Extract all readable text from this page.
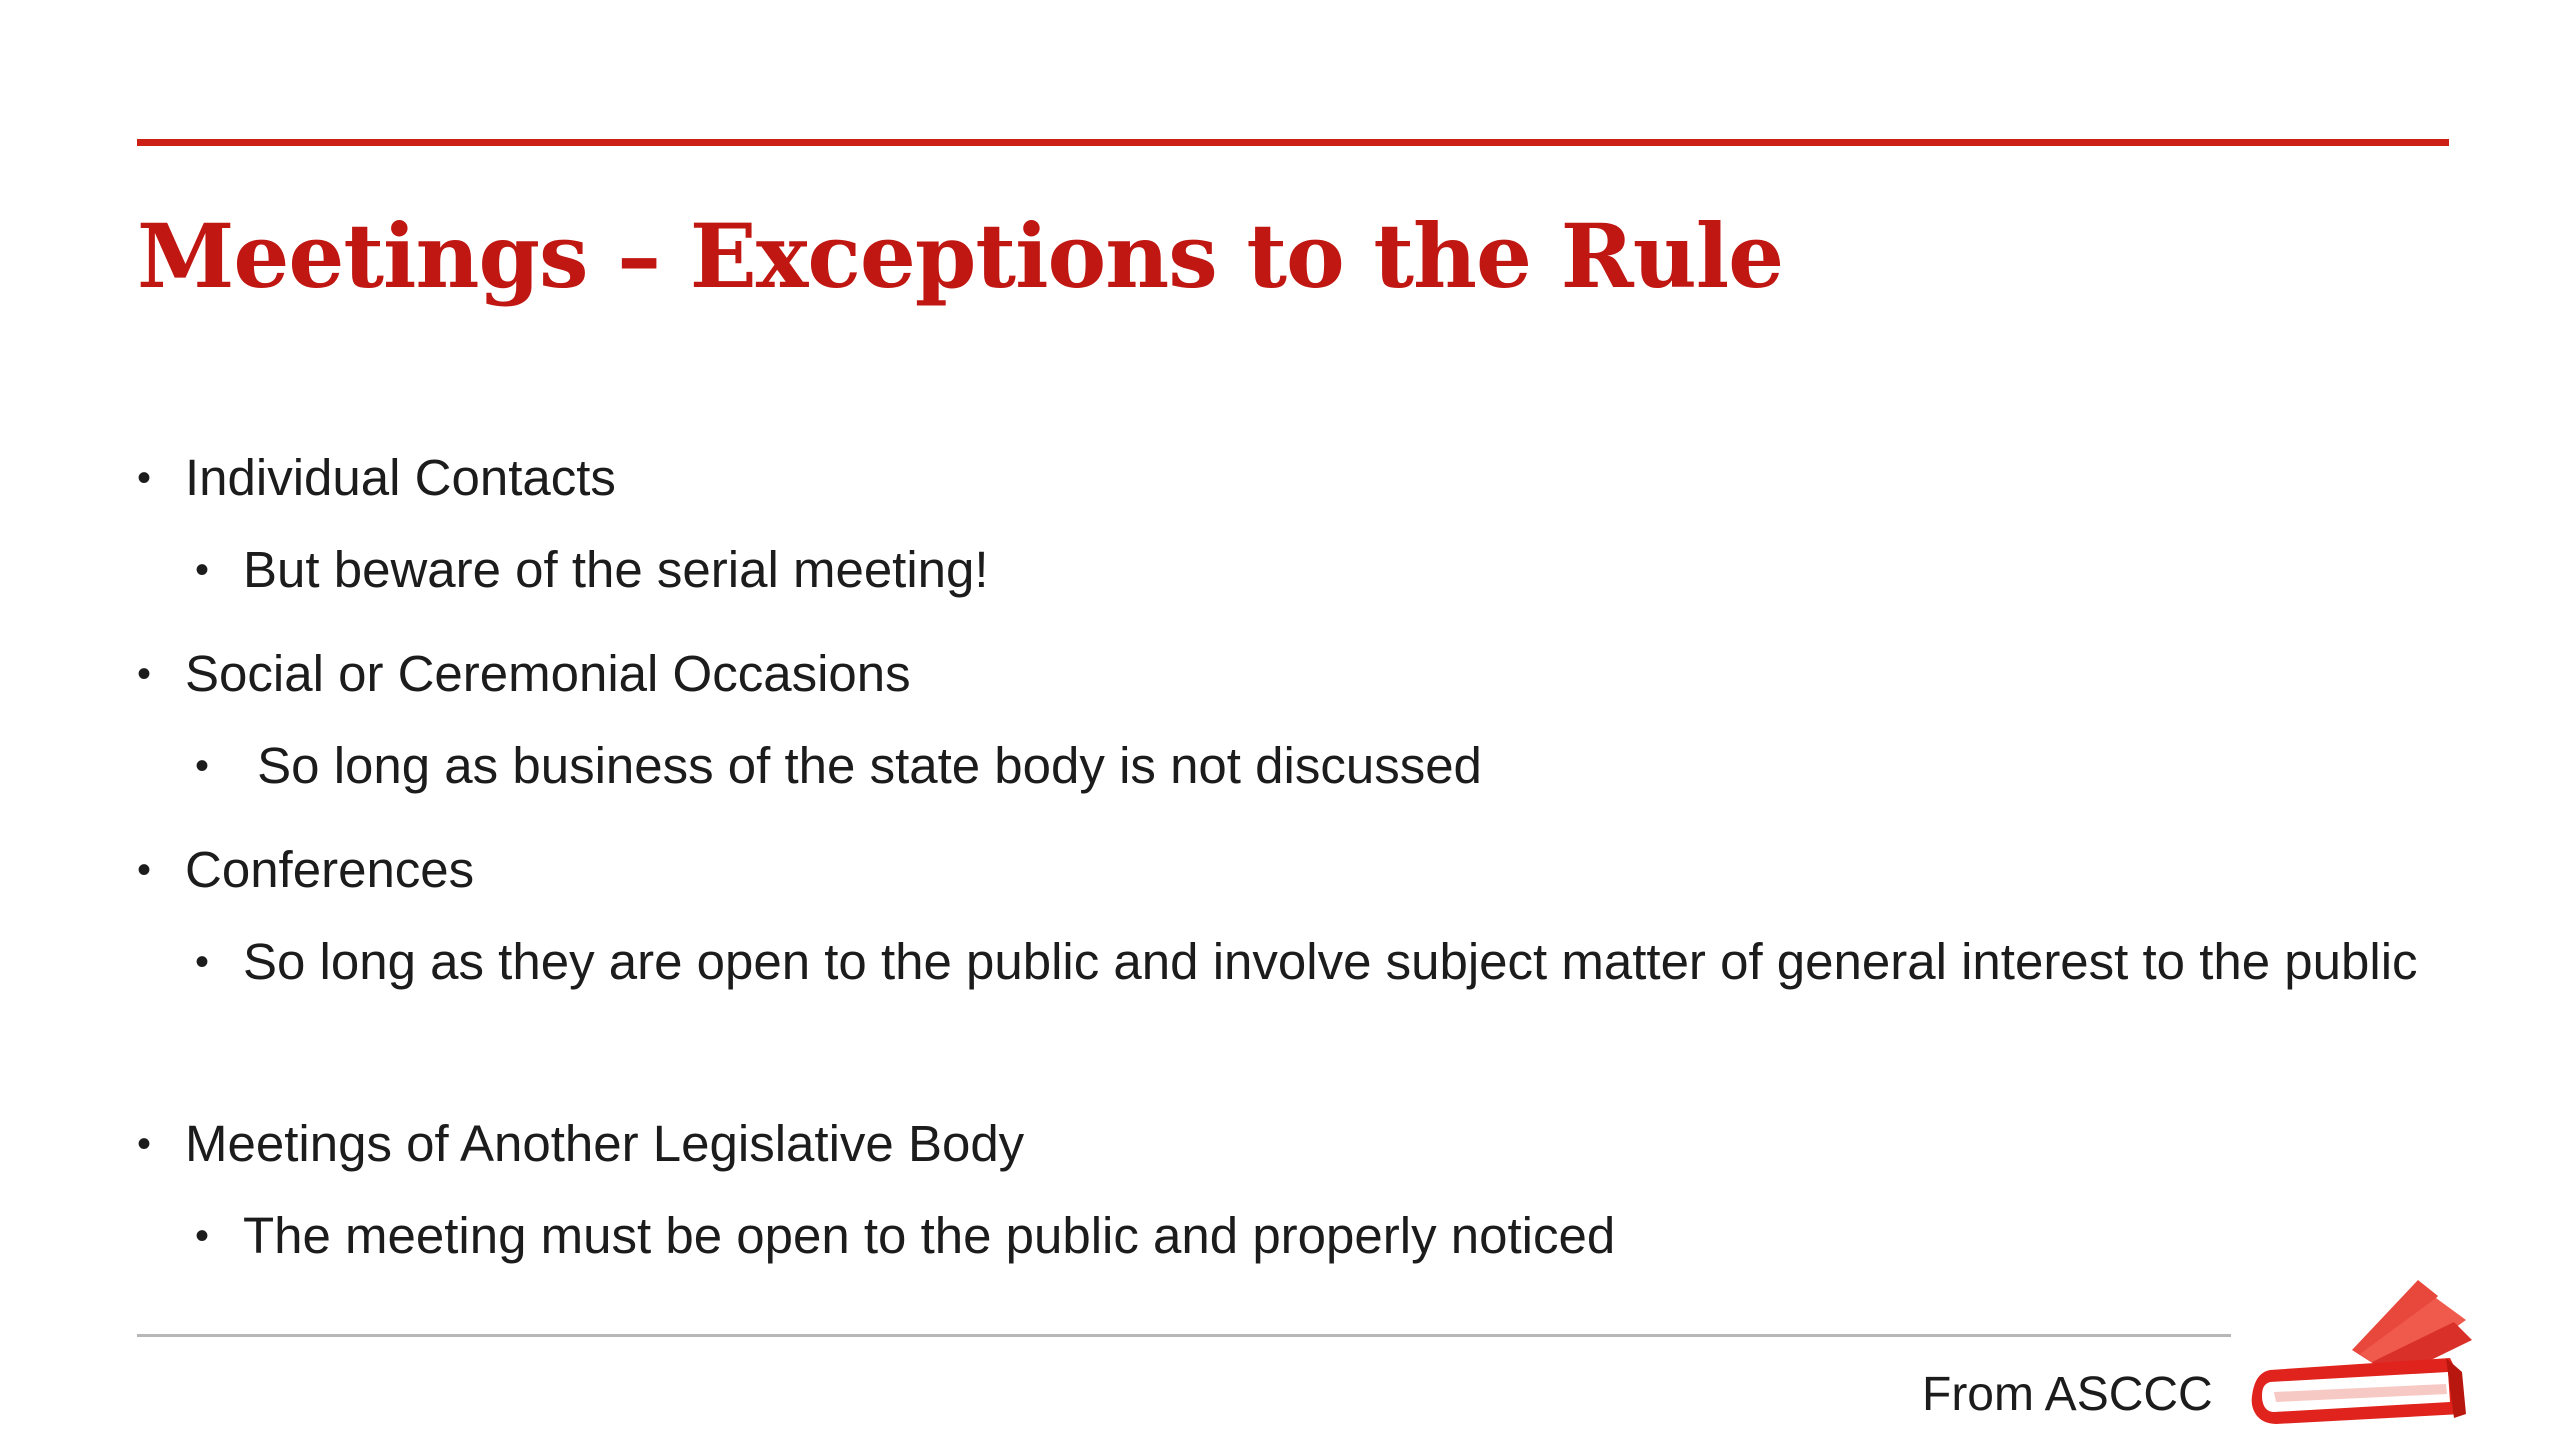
Meetings – Exceptions to the Rule
• Individual Contacts
• But beware of the serial meeting!
• Social or Ceremonial Occasions
• So long as business of the state body is not discussed
• Conferences
• So long as they are open to the public and involve subject matter of general interest to the public
• Meetings of Another Legislative Body
• The meeting must be open to the public and properly noticed
From ASCCC
